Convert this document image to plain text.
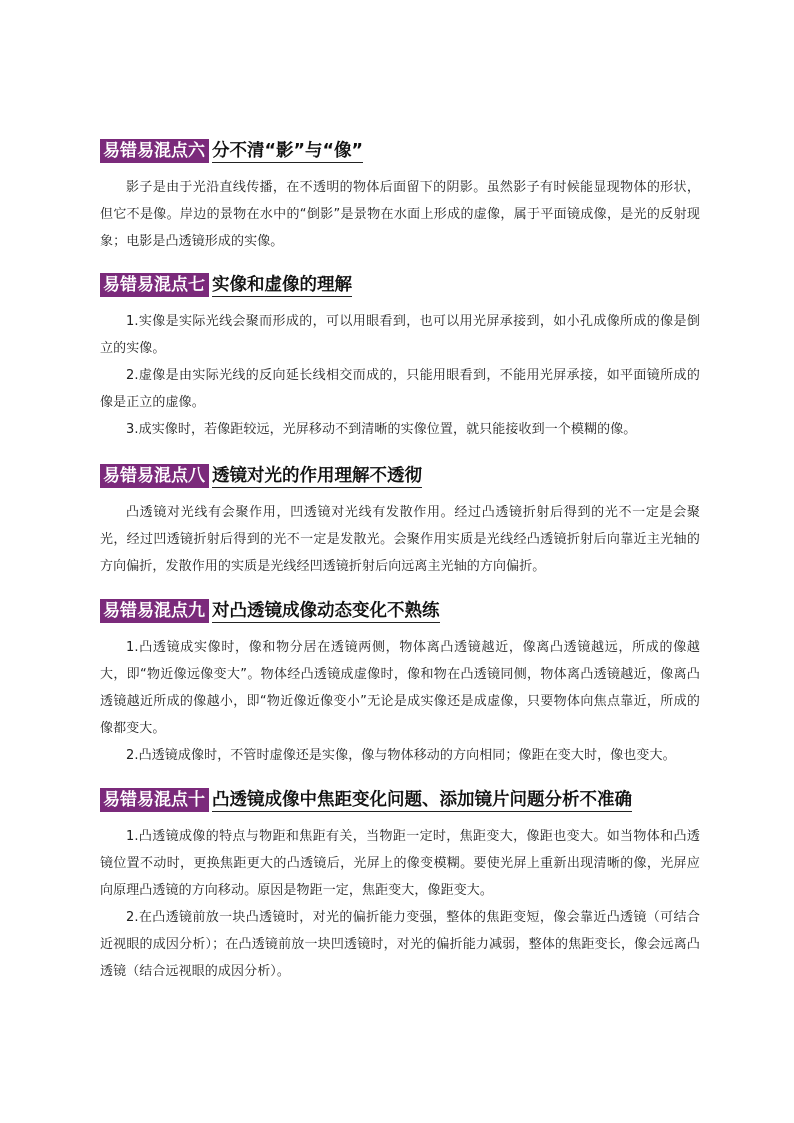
易错易混点六 分不清“影”与“像”

影子是由于光沿直线传播，在不透明的物体后面留下的阴影。虽然影子有时候能显现物体的形状，但它不是像。岸边的景物在水中的“倒影”是景物在水面上形成的虚像，属于平面镜成像，是光的反射现象；电影是凸透镜形成的实像。

易错易混点七 实像和虚像的理解

1.实像是实际光线会聚而形成的，可以用眼看到，也可以用光屏承接到，如小孔成像所成的像是倒立的实像。

2.虚像是由实际光线的反向延长线相交而成的，只能用眼看到，不能用光屏承接，如平面镜所成的像是正立的虚像。

3.成实像时，若像距较远，光屏移动不到清晰的实像位置，就只能接收到一个模糊的像。

易错易混点八 透镜对光的作用理解不透彻

凸透镜对光线有会聚作用，凹透镜对光线有发散作用。经过凸透镜折射后得到的光不一定是会聚光，经过凹透镜折射后得到的光不一定是发散光。会聚作用实质是光线经凸透镜折射后向靠近主光轴的方向偏折，发散作用的实质是光线经凹透镜折射后向远离主光轴的方向偏折。

易错易混点九 对凸透镜成像动态变化不熟练

1.凸透镜成实像时，像和物分居在透镜两侧，物体离凸透镜越近，像离凸透镜越远，所成的像越大，即“物近像远像变大”。物体经凸透镜成虚像时，像和物在凸透镜同侧，物体离凸透镜越近，像离凸透镜越近所成的像越小，即“物近像近像变小”无论是成实像还是成虚像，只要物体向焦点靠近，所成的像都变大。

2.凸透镜成像时，不管时虚像还是实像，像与物体移动的方向相同；像距在变大时，像也变大。

易错易混点十 凸透镜成像中焦距变化问题、添加镜片问题分析不准确

1.凸透镜成像的特点与物距和焦距有关，当物距一定时，焦距变大，像距也变大。如当物体和凸透镜位置不动时，更换焦距更大的凸透镜后，光屏上的像变模糊。要使光屏上重新出现清晰的像，光屏应向原理凸透镜的方向移动。原因是物距一定，焦距变大，像距变大。

2.在凸透镜前放一块凸透镜时，对光的偏折能力变强，整体的焦距变短，像会靠近凸透镜（可结合近视眼的成因分析）；在凸透镜前放一块凹透镜时，对光的偏折能力减弱，整体的焦距变长，像会远离凸透镜（结合远视眼的成因分析）。
